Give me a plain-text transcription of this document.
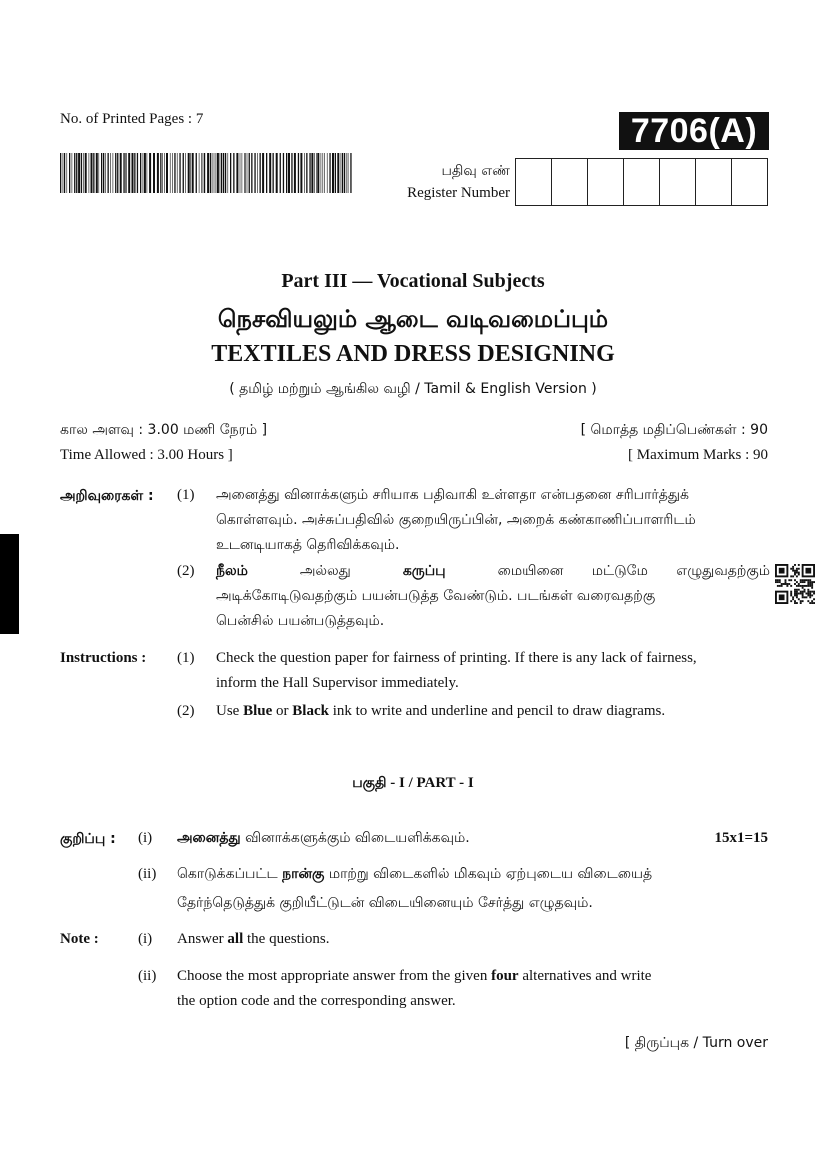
No. of Printed Pages : 7	7706(A)
பதிவு எண்
Register Number
Part III — Vocational Subjects
நெசவியலும் ஆடை வடிவமைப்பும்
TEXTILES AND DRESS DESIGNING
( தமிழ் மற்றும் ஆங்கில வழி / Tamil & English Version )
கால அளவு : 3.00 மணி நேரம் ]	[ மொத்த மதிப்பெண்கள் : 90
Time Allowed : 3.00 Hours ]	[ Maximum Marks : 90
அறிவுரைகள் : (1) அனைத்து வினாக்களும் சரியாக பதிவாகி உள்ளதா என்பதனை சரிபார்த்துக்
கொள்ளவும். அச்சுப்பதிவில் குறையிருப்பின், அறைக் கண்காணிப்பாளரிடம்
உடனடியாகத் தெரிவிக்கவும்.
(2) நீலம்	அல்லது	கருப்பு	மையினை மட்டுமே எழுதுவதற்கும்
அடிக்கோடிடுவதற்கும் பயன்படுத்த வேண்டும். படங்கள் வரைவதற்கு
பென்சில் பயன்படுத்தவும்.
Instructions : (1) Check the question paper for fairness of printing. If there is any lack of fairness,
inform the Hall Supervisor immediately.
(2) Use Blue or Black ink to write and underline and pencil to draw diagrams.
பகுதி - I / PART - I
குறிப்பு : (i) அனைத்து வினாக்களுக்கும் விடையளிக்கவும்.	15x1=15
(ii) கொடுக்கப்பட்ட நான்கு மாற்று விடைகளில் மிகவும் ஏற்புடைய விடையைத்
தேர்ந்தெடுத்துக் குறியீட்டுடன் விடையினையும் சேர்த்து எழுதவும்.
Note :	(i) Answer all the questions.
(ii) Choose the most appropriate answer from the given four alternatives and write
the option code and the corresponding answer.
[ திருப்புக / Turn over
